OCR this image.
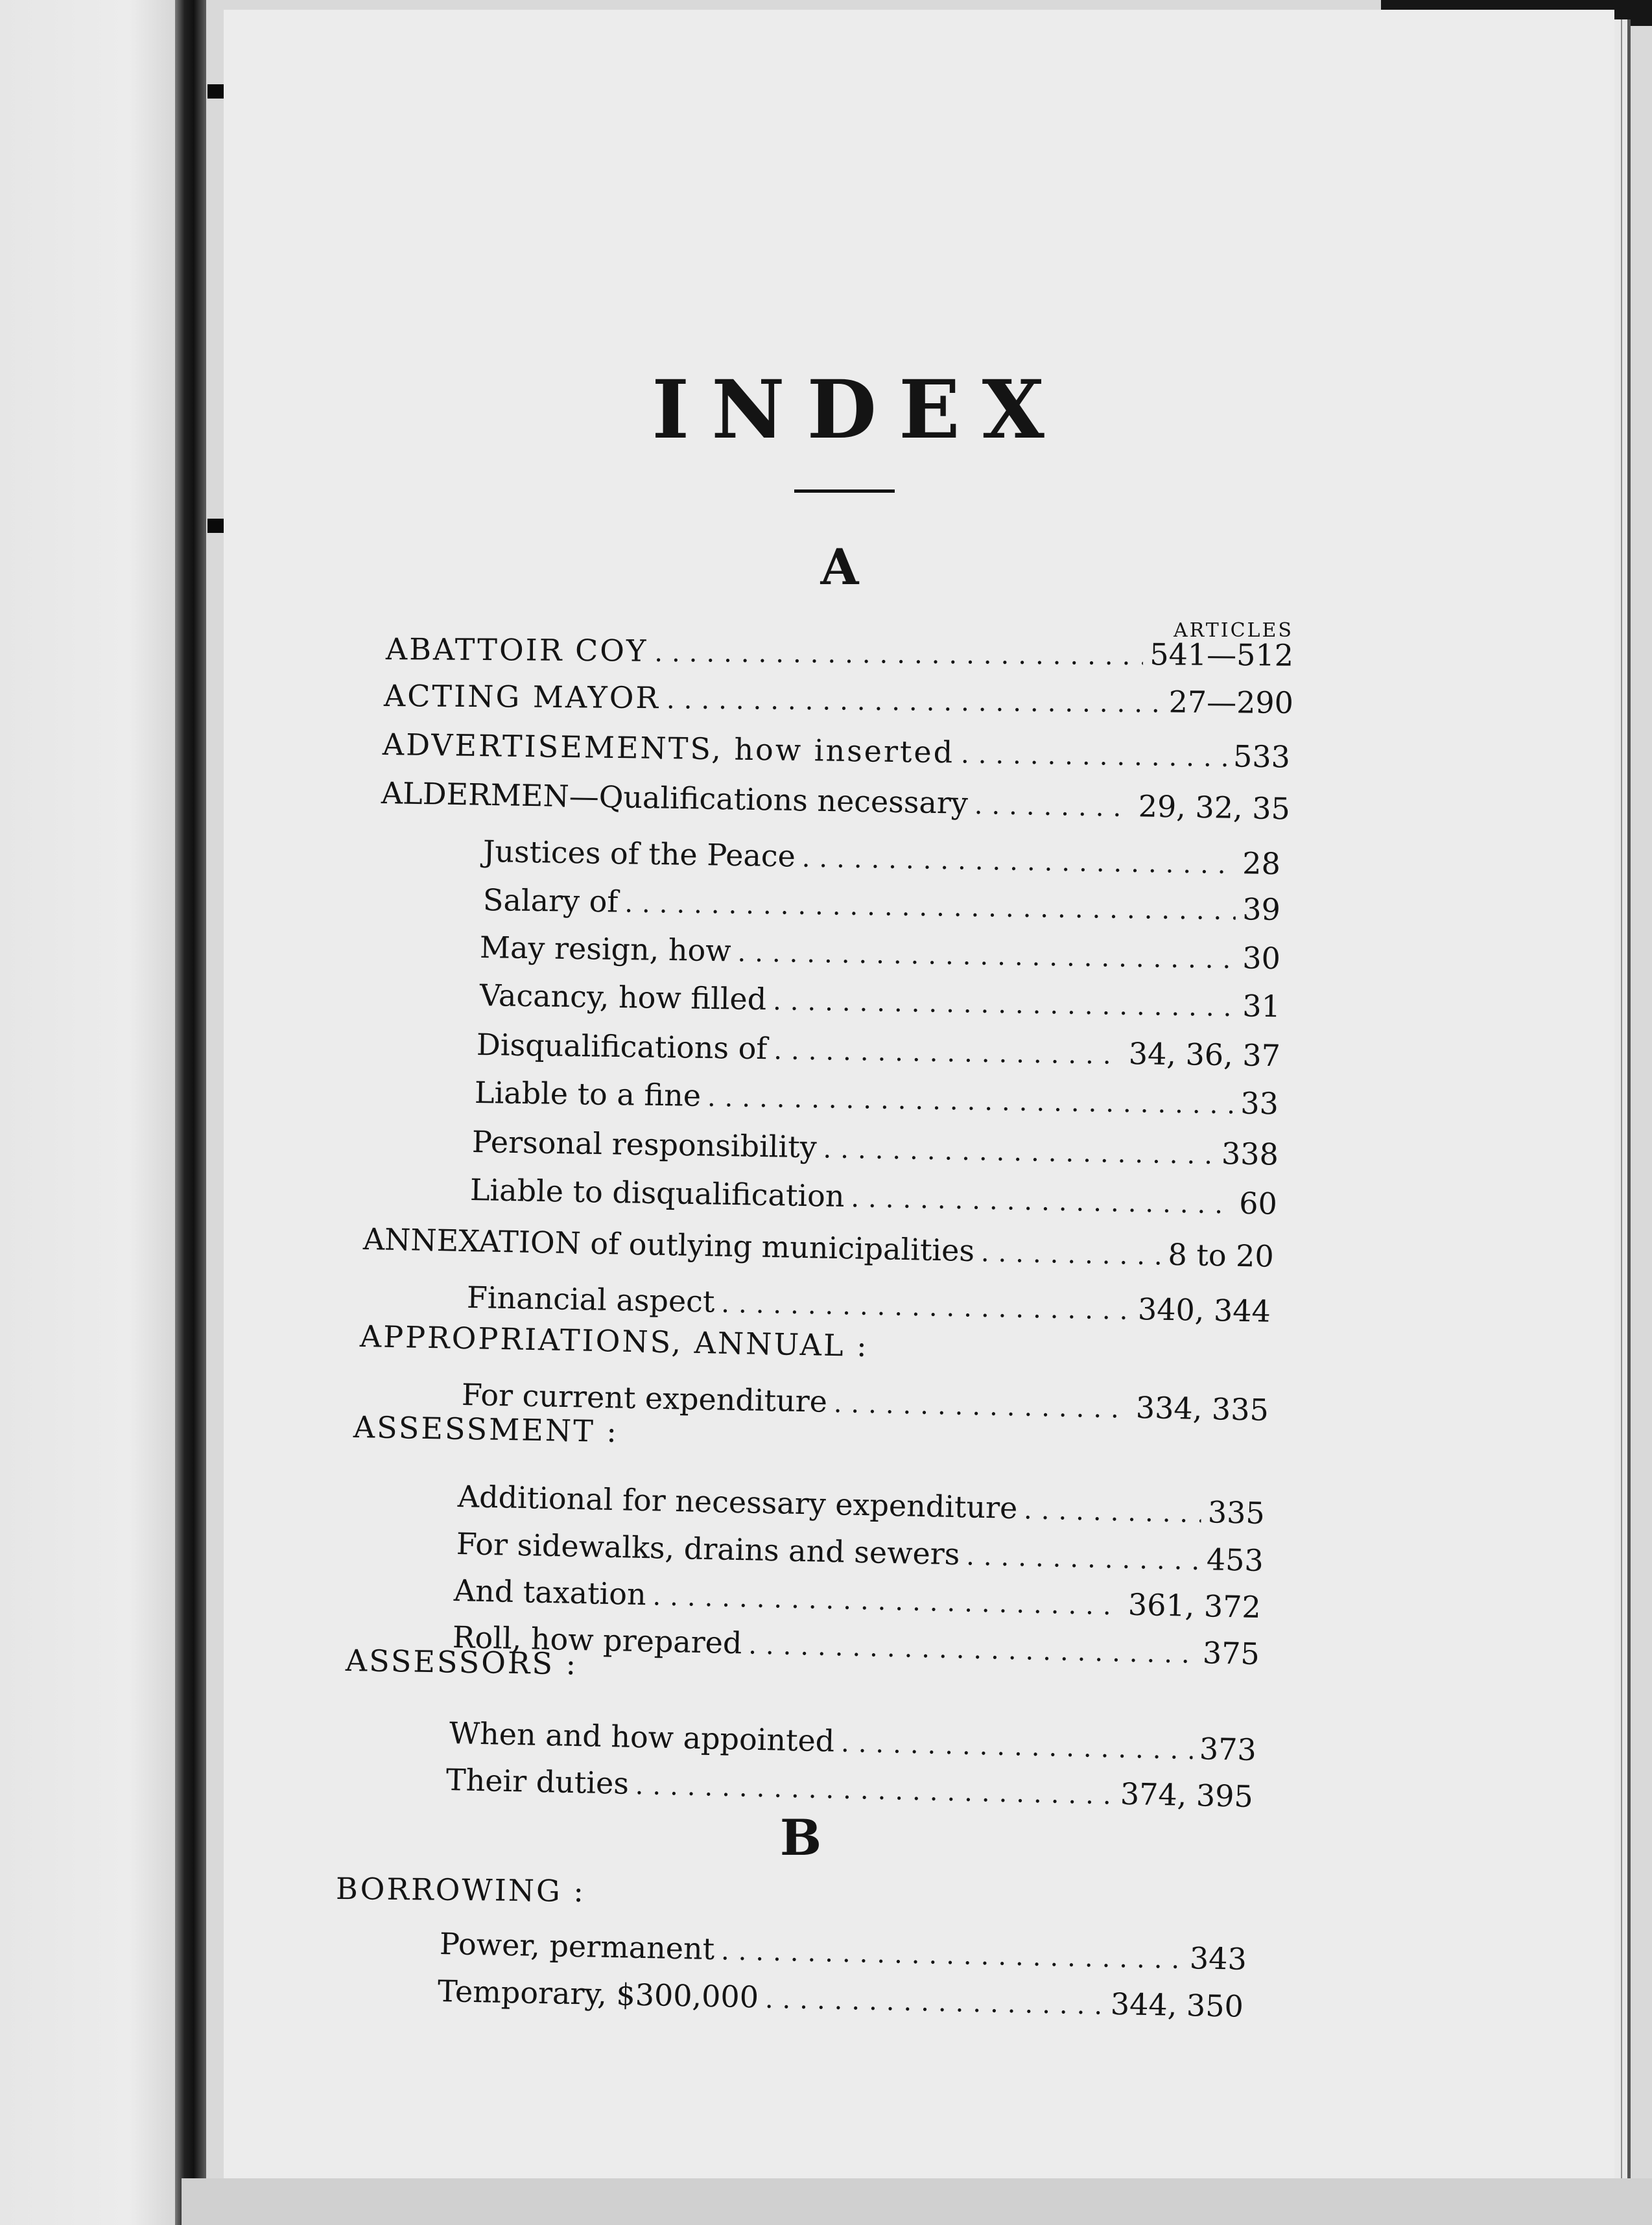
INDEX
A
ARTICLES
B
ABATTOIR COY .....	541—512
ACTING MAYOR .....	27—290
ADVERTISEMENTS, how inserted .....	533
ALDERMEN—Qualifications necessary .....	29, 32, 35
Justices of the Peace .....	28
Salary of .....	39
May resign, how .....	30
Vacancy, how filled .....	31
Disqualifications of .....	34, 36, 37
Liable to a fine .....	33
Personal responsibility .....	338
Liable to disqualification .....	60
ANNEXATION of outlying municipalities .....	8 to 20
Financial aspect .....	340, 344
APPROPRIATIONS, ANNUAL :
For current expenditure .....	334, 335
ASSESSMENT :
Additional for necessary expenditure .....	335
For sidewalks, drains and sewers .....	453
And taxation .....	361, 372
Roll, how prepared .....	375
ASSESSORS :
When and how appointed .....	373
Their duties .....	374, 395
BORROWING :
Power, permanent .....	343
Temporary, $300,000 .....	344, 350
